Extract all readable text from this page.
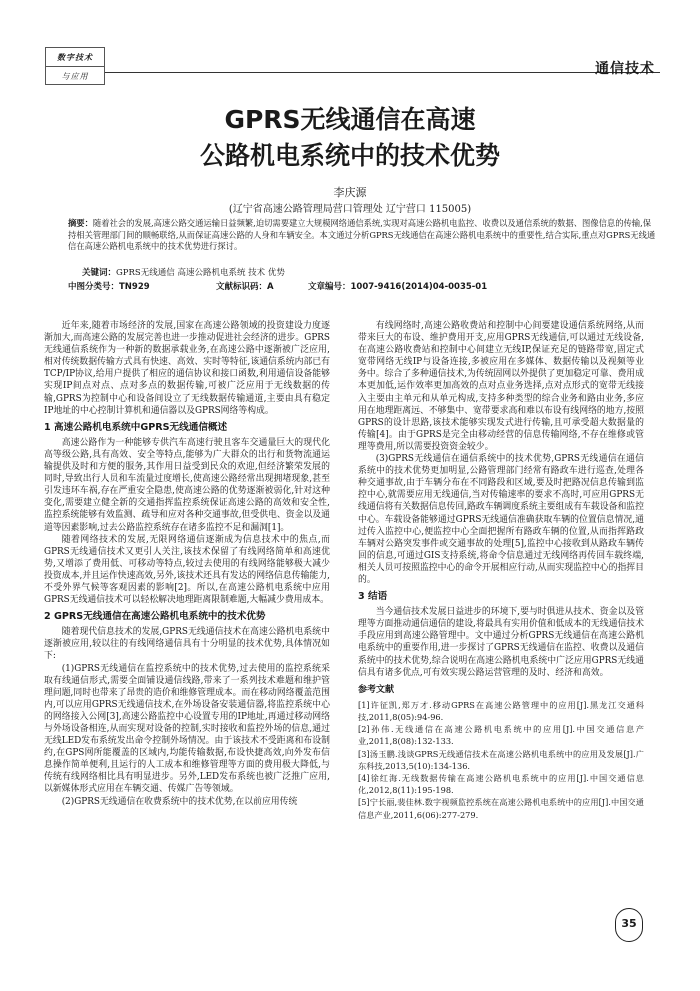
数字技术
与应用	通信技术
GPRS无线通信在高速
公路机电系统中的技术优势
李庆源
(辽宁省高速公路管理局营口管理处 辽宁营口 115005)
摘要：随着社会的发展,高速公路交通运输日益频繁,迫切需要建立大规模网络通信系统,实现对高速公路机电监控、收费以及通信系统的数据、图像信息的传输,保持相关管理部门间的顺畅联络,从而保证高速公路的人身和车辆安全。本文通过分析GPRS无线通信在高速公路机电系统中的重要性,结合实际,重点对GPRS无线通信在高速公路机电系统中的技术优势进行探讨。
关键词：GPRS无线通信 高速公路机电系统 技术 优势
中图分类号：TN929	文献标识码：A	文章编号：1007-9416(2014)04-0035-01

近年来,随着市场经济的发展,国家在高速公路领域的投资建设力度逐渐加大,而高速公路的发展完善也进一步推动促进社会经济的进步。GPRS无线通信系统作为一种新的数据承载业务,在高速公路中逐渐被广泛应用,相对传统数据传输方式具有快速、高效、实时等特征,该通信系统内部已有TCP/IP协议,给用户提供了相应的通信协议和接口函数,利用通信设备能够实现IP间点对点、点对多点的数据传输,可被广泛应用于无线数据的传输,GPRS为控制中心和设备间设立了无线数据传输通道,主要由具有稳定IP地址的中心控制计算机和通信器以及GPRS网络等构成。

1 高速公路机电系统中GPRS无线通信概述

高速公路作为一种能够专供汽车高速行驶且客车交通量巨大的现代化高等级公路,具有高效、安全等特点,能够为广大群众的出行和货物流通运输提供及时和方便的服务,其作用日益受到民众的欢迎,但经济繁荣发展的同时,导致出行人员和车流量过度增长,使高速公路经常出现拥堵现象,甚至引发违环车祸,存在严重安全隐患,使高速公路的优势逐渐被弱化,针对这种变化,需要建立健全新的交通指挥监控系统保证高速公路的高效和安全性,监控系统能够有效监测、疏导和应对各种交通事故,但受供电、资金以及通道等因素影响,过去公路监控系统存在诸多监控不足和漏洞[1]。

随着网络技术的发展,无限网络通信逐渐成为信息技术中的焦点,而GPRS无线通信技术又更引人关注,该技术保留了有线网络简单和高速优势,又增添了费用低、可移动等特点,较过去使用的有线网络能够极大减少投资成本,并且运作快速高效,另外,该技术还具有发达的网络信息传输能力,不受外界气候等客观因素的影响[2]。所以,在高速公路机电系统中应用GPRS无线通信技术可以轻松解决地理距离限制难题,大幅减少费用成本。

2 GPRS无线通信在高速公路机电系统中的技术优势

随着现代信息技术的发展,GPRS无线通信技术在高速公路机电系统中逐渐被应用,较以往的有线网络通信具有十分明显的技术优势,具体情况如下:

(1)GPRS无线通信在监控系统中的技术优势,过去使用的监控系统采取有线通信形式,需要全面铺设通信线路,带来了一系列技术难题和维护管理问题,同时也带来了昂贵的造价和维修管理成本。而在移动网络覆盖范围内,可以应用GPRS无线通信技术,在外场设备安装通信器,将监控系统中心的网络接入公网[3],高速公路监控中心设置专用的IP地址,再通过移动网络与外场设备相连,从而实现对设备的控制,实时接收和监控外场的信息,通过无线LED发布系统发出命令控制外场情况。由于该技术不受距离和布设制约,在GPS网所能覆盖的区域内,均能传输数据,布设快捷高效,向外发布信息操作简单便利,且运行的人工成本和维修管理等方面的费用极大降低,与传统有线网络相比具有明显进步。另外,LED发布系统也被广泛推广应用,以新媒体形式应用在车辆交通、传媒广告等领域。

(2)GPRS无线通信在收费系统中的技术优势,在以前应用传统

有线网络时,高速公路收费站和控制中心间要建设通信系统网络,从而带来巨大的布设、维护费用开支,应用GPRS无线通信,可以通过无线设备,在高速公路收费站和控制中心间建立无线IP,保证充足的链路带宽,固定式宽带网络无线IP与设备连接,多被应用在多媒体、数据传输以及视频等业务中。综合了多种通信技术,为传统固网以外提供了更加稳定可靠、费用成本更加低,运作效率更加高效的点对点业务选择,点对点形式的宽带无线接入主要由主单元和从单元构成,支持多种类型的综合业务和路由业务,多应用在地理距离远、不够集中、宽带要求高和难以布设有线网络的地方,按照GPRS的设计思路,该技术能够实现发式进行传输,且可承受超大数据量的传输[4]。由于GPRS是完全由移动经营的信息传输网络,不存在维修或管理等费用,所以需要投资资金较少。

(3)GPRS无线通信在通信系统中的技术优势,GPRS无线通信在通信系统中的技术优势更加明显,公路管理部门经常有路政车进行巡查,处理各种交通事故,由于车辆分布在不同路段和区域,要及时把路况信息传输到监控中心,就需要应用无线通信,当对传输速率的要求不高时,可应用GPRS无线通信将有关数据信息传回,路政车辆调度系统主要组成有车载设备和监控中心。车载设备能够通过GPRS无线通信准确获取车辆的位置信息情况,通过传入监控中心,便监控中心全面把握所有路政车辆的位置,从而指挥路政车辆对公路突发事件或交通事故的处理[5],监控中心接收到从路政车辆传回的信息,可通过GIS支持系统,将命令信息通过无线网络再传回车载终端,相关人员可按照监控中心的命令开展相应行动,从而实现监控中心的指挥目的。

3 结语

当今通信技术发展日益进步的环境下,要与时俱进从技术、资金以及管理等方面推动通信通信的建设,将最具有实用价值和低成本的无线通信技术手段应用到高速公路管理中。文中通过分析GPRS无线通信在高速公路机电系统中的重要作用,进一步探讨了GPRS无线通信在监控、收费以及通信系统中的技术优势,综合说明在高速公路机电系统中广泛应用GPRS无线通信具有诸多优点,可有效实现公路运营管理的及时、经济和高效。

参考文献

[1]许征凯,郑万才.移动GPRS在高速公路管理中的应用[J].黑龙江交通科技,2011,8(05):94-96.

[2]孙伟.无线通信在高速公路机电系统中的应用[J].中国交通信息产业,2011,8(08):132-133.

[3]汤玉鹏.浅谈GPRS无线通信技术在高速公路机电系统中的应用及发展[J].广东科技,2013,5(10):134-136.

[4]徐红海.无线数据传输在高速公路机电系统中的应用[J].中国交通信息化,2012,8(11):195-198.

[5]宁长丽,裴佳林.数字视频监控系统在高速公路机电系统中的应用[J].中国交通信息产业,2011,6(06):277-279.

35
